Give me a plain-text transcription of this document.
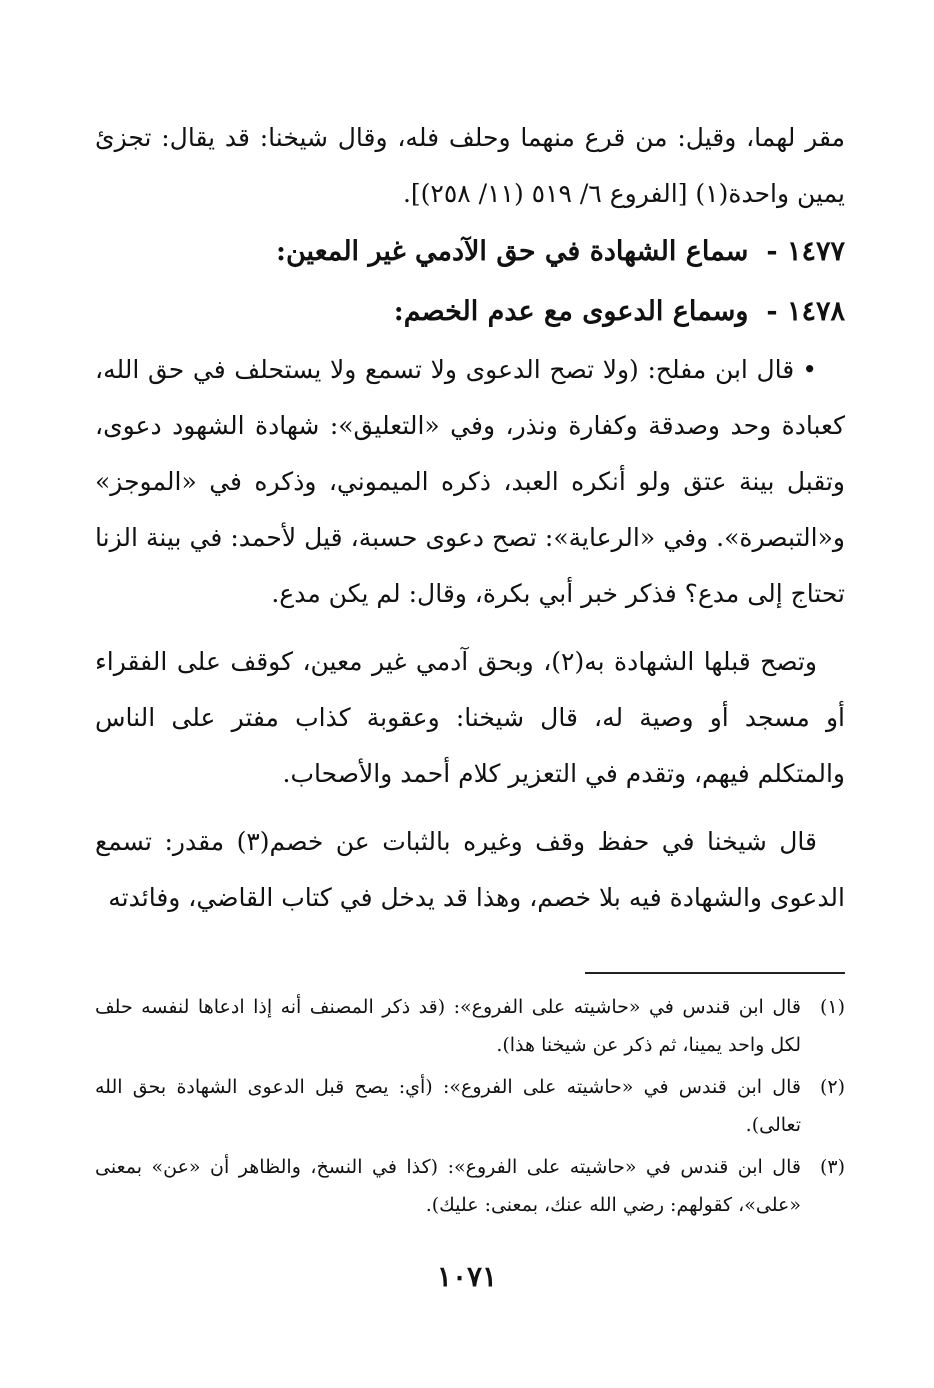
مقر لهما، وقيل: من قرع منهما وحلف فله، وقال شيخنا: قد يقال: تجزئ يمين واحدة(١) [الفروع ٦/ ٥١٩ (١١/ ٢٥٨)].

١٤٧٧ -سماع الشهادة في حق الآدمي غير المعين:

١٤٧٨ -وسماع الدعوى مع عدم الخصم:

•قال ابن مفلح: (ولا تصح الدعوى ولا تسمع ولا يستحلف في حق الله، كعبادة وحد وصدقة وكفارة ونذر، وفي «التعليق»: شهادة الشهود دعوى، وتقبل بينة عتق ولو أنكره العبد، ذكره الميموني، وذكره في «الموجز» و«التبصرة». وفي «الرعاية»: تصح دعوى حسبة، قيل لأحمد: في بينة الزنا تحتاج إلى مدع؟ فذكر خبر أبي بكرة، وقال: لم يكن مدع.

وتصح قبلها الشهادة به(٢)، وبحق آدمي غير معين، كوقف على الفقراء أو مسجد أو وصية له، قال شيخنا: وعقوبة كذاب مفتر على الناس والمتكلم فيهم، وتقدم في التعزير كلام أحمد والأصحاب.

قال شيخنا في حفظ وقف وغيره بالثبات عن خصم(٣) مقدر: تسمع الدعوى والشهادة فيه بلا خصم، وهذا قد يدخل في كتاب القاضي، وفائدته

(١)
قال ابن قندس في «حاشيته على الفروع»: (قد ذكر المصنف أنه إذا ادعاها لنفسه حلف لكل واحد يمينا، ثم ذكر عن شيخنا هذا).
(٢)
قال ابن قندس في «حاشيته على الفروع»: (أي: يصح قبل الدعوى الشهادة بحق الله تعالى).
(٣)
قال ابن قندس في «حاشيته على الفروع»: (كذا في النسخ، والظاهر أن «عن» بمعنى «على»، كقولهم: رضي الله عنك، بمعنى: عليك).
١٠٧١
